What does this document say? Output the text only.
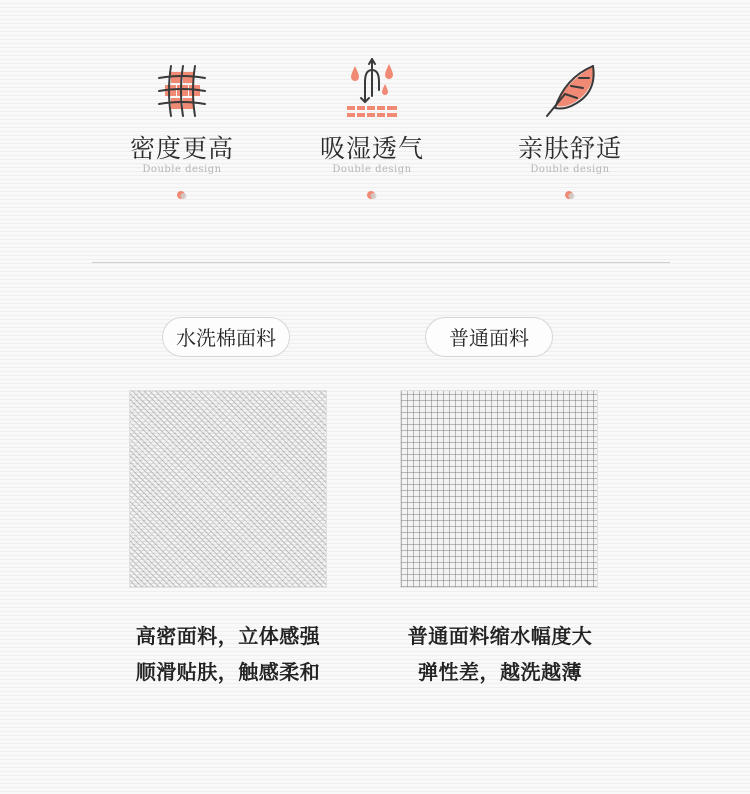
密度更高
Double design
吸湿透气
Double design
亲肤舒适
Double design
水洗棉面料	普通面料
高密面料，立体感强
顺滑贴肤，触感柔和
普通面料缩水幅度大
弹性差，越洗越薄
